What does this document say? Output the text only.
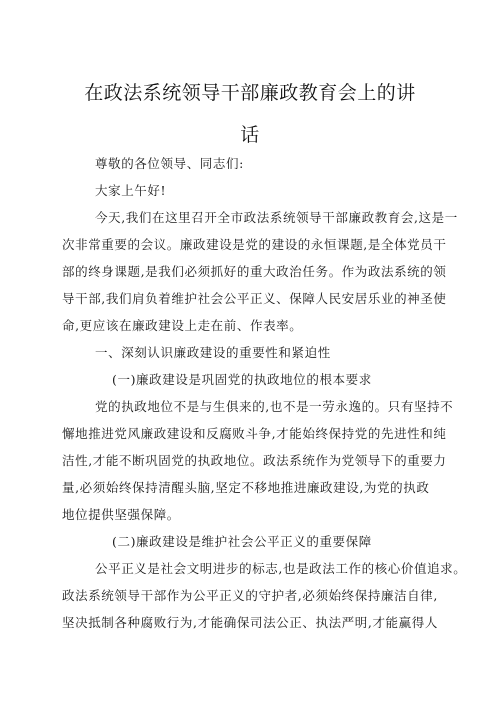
在政法系统领导干部廉政教育会上的讲
话
尊敬的各位领导、同志们:
大家上午好!
今天,我们在这里召开全市政法系统领导干部廉政教育会,这是一
次非常重要的会议。廉政建设是党的建设的永恒课题,是全体党员干
部的终身课题,是我们必须抓好的重大政治任务。作为政法系统的领
导干部,我们肩负着维护社会公平正义、保障人民安居乐业的神圣使
命,更应该在廉政建设上走在前、作表率。
一、深刻认识廉政建设的重要性和紧迫性
(一)廉政建设是巩固党的执政地位的根本要求
党的执政地位不是与生俱来的,也不是一劳永逸的。只有坚持不
懈地推进党风廉政建设和反腐败斗争,才能始终保持党的先进性和纯
洁性,才能不断巩固党的执政地位。政法系统作为党领导下的重要力
量,必须始终保持清醒头脑,坚定不移地推进廉政建设,为党的执政
地位提供坚强保障。
(二)廉政建设是维护社会公平正义的重要保障
公平正义是社会文明进步的标志,也是政法工作的核心价值追求。
政法系统领导干部作为公平正义的守护者,必须始终保持廉洁自律,
坚决抵制各种腐败行为,才能确保司法公正、执法严明,才能赢得人
